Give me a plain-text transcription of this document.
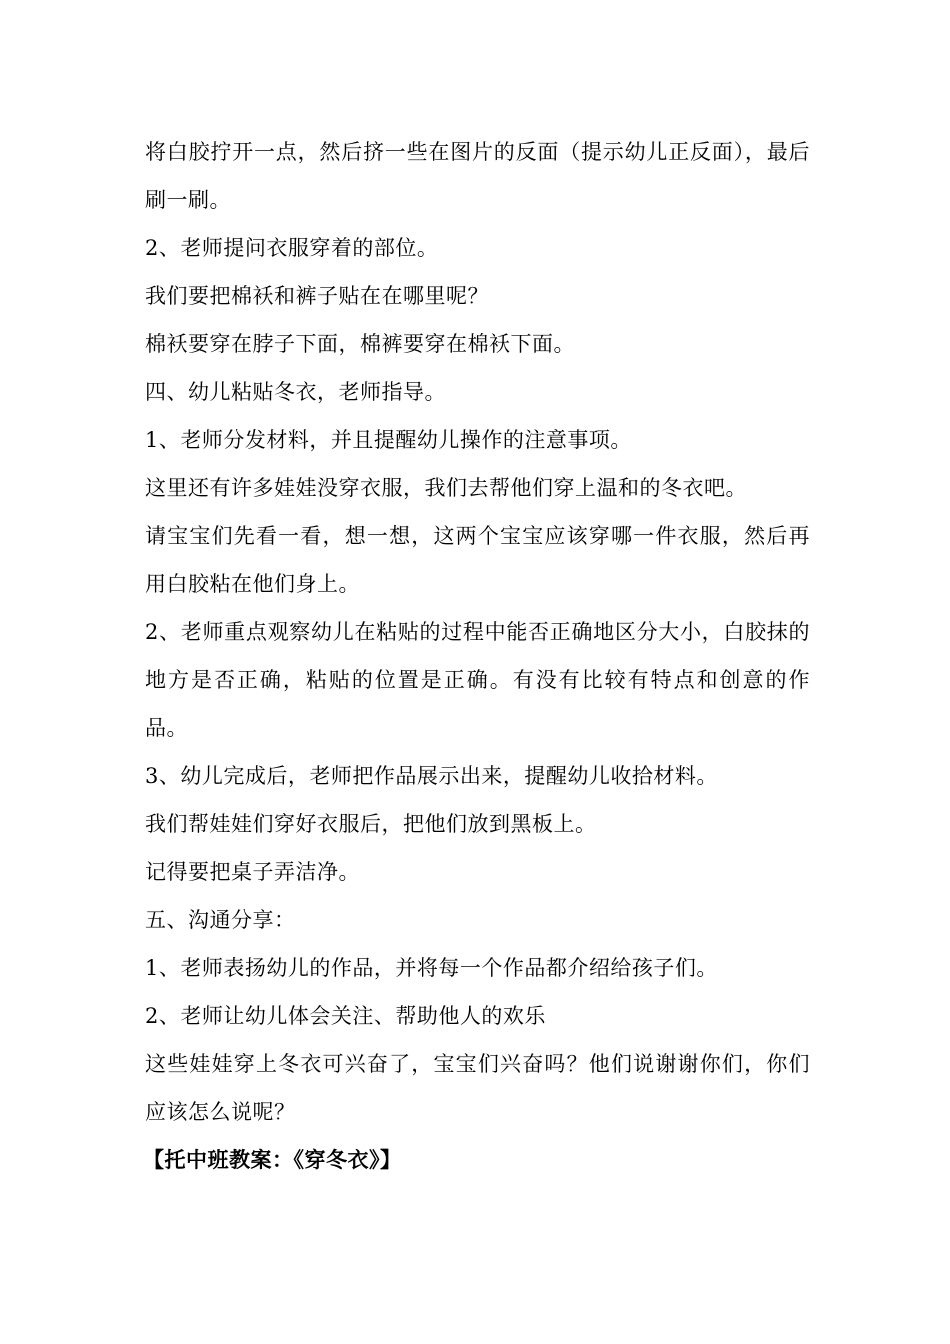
将白胶拧开一点，然后挤一些在图片的反面（提示幼儿正反面），最后刷一刷。

2、老师提问衣服穿着的部位。

我们要把棉袄和裤子贴在在哪里呢？

棉袄要穿在脖子下面，棉裤要穿在棉袄下面。

四、幼儿粘贴冬衣，老师指导。

1、老师分发材料，并且提醒幼儿操作的注意事项。

这里还有许多娃娃没穿衣服，我们去帮他们穿上温和的冬衣吧。

请宝宝们先看一看，想一想，这两个宝宝应该穿哪一件衣服，然后再用白胶粘在他们身上。

2、老师重点观察幼儿在粘贴的过程中能否正确地区分大小，白胶抹的地方是否正确，粘贴的位置是正确。有没有比较有特点和创意的作品。

3、幼儿完成后，老师把作品展示出来，提醒幼儿收拾材料。

我们帮娃娃们穿好衣服后，把他们放到黑板上。

记得要把桌子弄洁净。

五、沟通分享：

1、老师表扬幼儿的作品，并将每一个作品都介绍给孩子们。

2、老师让幼儿体会关注、帮助他人的欢乐

这些娃娃穿上冬衣可兴奋了，宝宝们兴奋吗？他们说谢谢你们，你们应该怎么说呢？

【托中班教案：《穿冬衣》】
